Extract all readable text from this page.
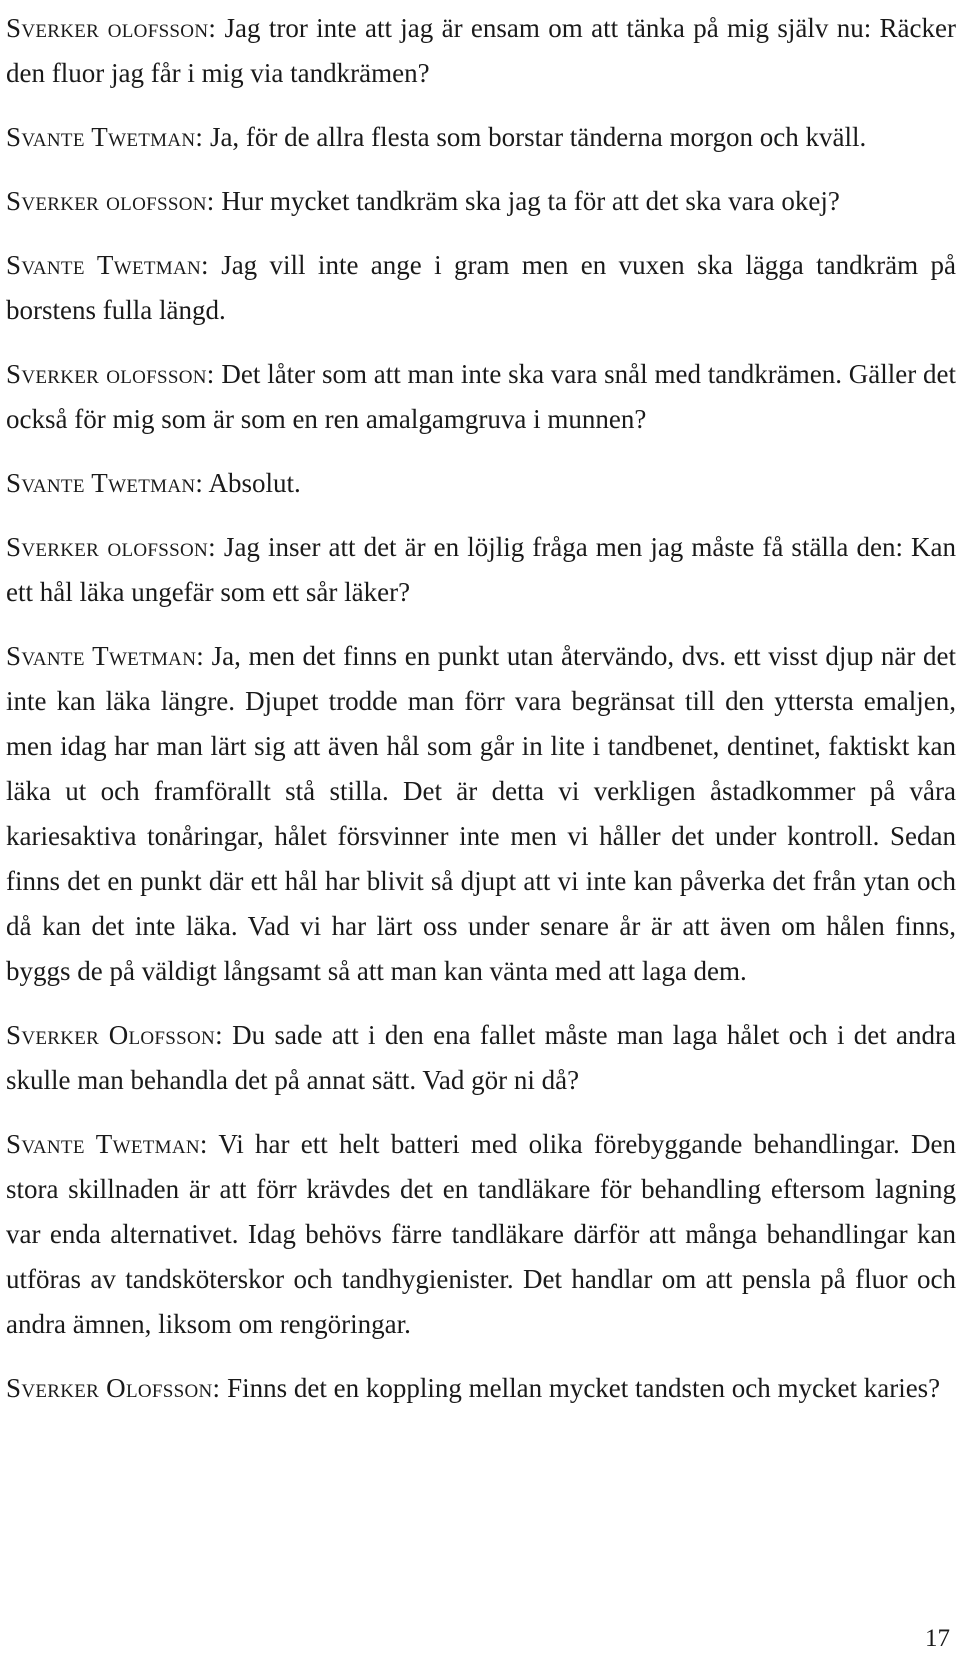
Sverker olofsson: Jag tror inte att jag är ensam om att tänka på mig själv nu: Räcker den fluor jag får i mig via tandkrämen?

Svante Twetman: Ja, för de allra flesta som borstar tänderna morgon och kväll.

Sverker olofsson: Hur mycket tandkräm ska jag ta för att det ska vara okej?

Svante Twetman: Jag vill inte ange i gram men en vuxen ska lägga tandkräm på borstens fulla längd.

Sverker olofsson: Det låter som att man inte ska vara snål med tandkrämen. Gäller det också för mig som är som en ren amalgamgruva i munnen?

Svante Twetman: Absolut.

Sverker olofsson: Jag inser att det är en löjlig fråga men jag måste få ställa den: Kan ett hål läka ungefär som ett sår läker?

Svante Twetman: Ja, men det finns en punkt utan återvändo, dvs. ett visst djup när det inte kan läka längre. Djupet trodde man förr vara begränsat till den yttersta emaljen, men idag har man lärt sig att även hål som går in lite i tandbenet, dentinet, faktiskt kan läka ut och framförallt stå stilla. Det är detta vi verkligen åstadkommer på våra kariesaktiva tonåringar, hålet försvinner inte men vi håller det under kontroll. Sedan finns det en punkt där ett hål har blivit så djupt att vi inte kan påverka det från ytan och då kan det inte läka. Vad vi har lärt oss under senare år är att även om hålen finns, byggs de på väldigt långsamt så att man kan vänta med att laga dem.

Sverker Olofsson: Du sade att i den ena fallet måste man laga hålet och i det andra skulle man behandla det på annat sätt. Vad gör ni då?

Svante Twetman: Vi har ett helt batteri med olika förebyggande behandlingar. Den stora skillnaden är att förr krävdes det en tandläkare för behandling eftersom lagning var enda alternativet. Idag behövs färre tandläkare därför att många behandlingar kan utföras av tandsköterskor och tandhygienister. Det handlar om att pensla på fluor och andra ämnen, liksom om rengöringar.

Sverker Olofsson: Finns det en koppling mellan mycket tandsten och mycket karies?

17
